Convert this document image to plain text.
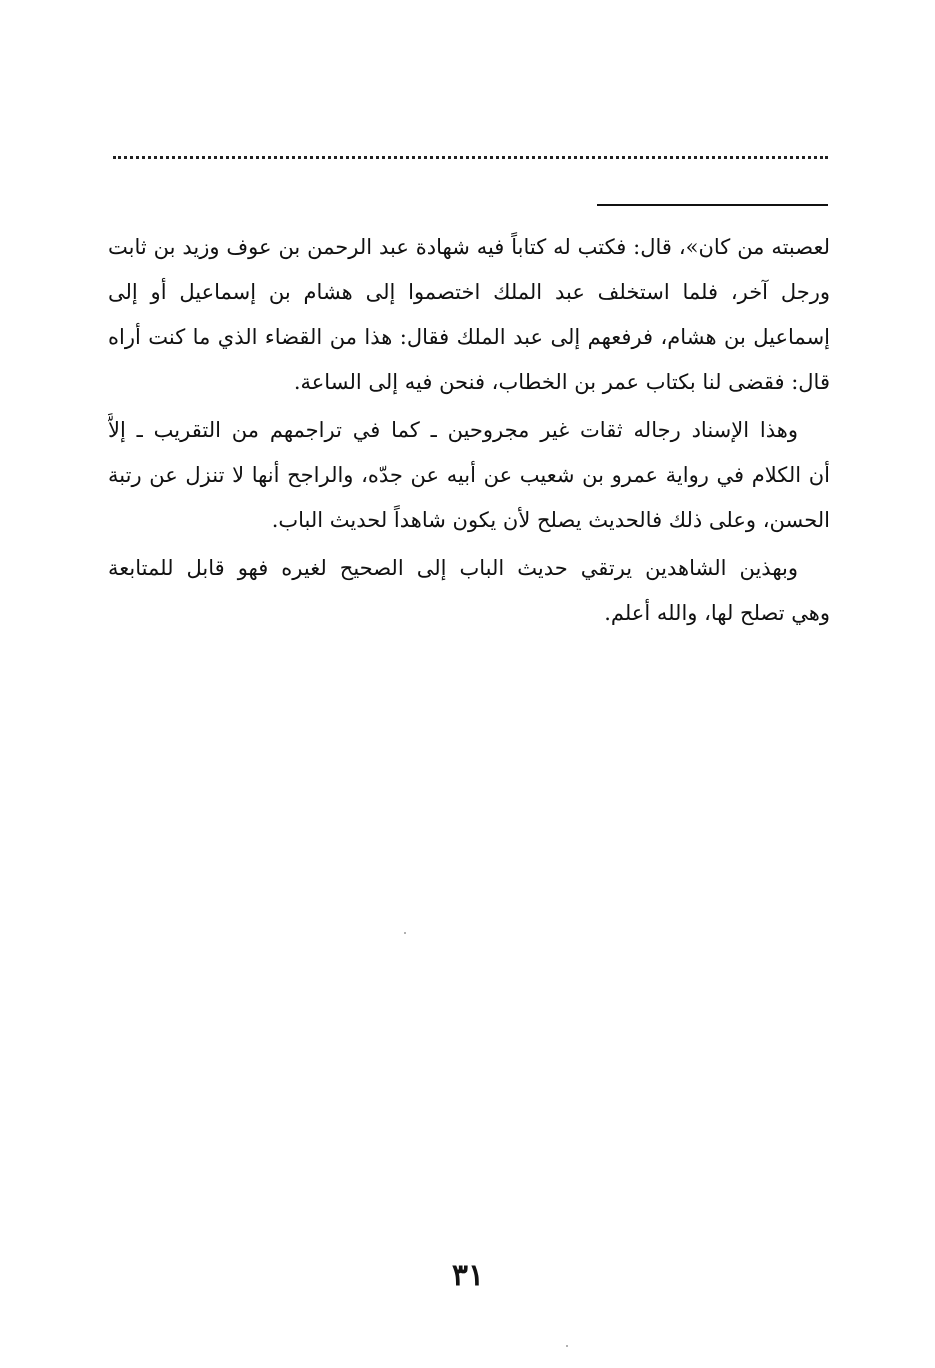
لعصبته من كان»، قال: فكتب له كتاباً فيه شهادة عبد الرحمن بن عوف وزيد بن ثابت
ورجل آخر، فلما استخلف عبد الملك اختصموا إلى هشام بن إسماعيل أو إلى
إسماعيل بن هشام، فرفعهم إلى عبد الملك فقال: هذا من القضاء الذي ما كنت أراه
قال: فقضى لنا بكتاب عمر بن الخطاب، فنحن فيه إلى الساعة.
وهذا الإسناد رجاله ثقات غير مجروحين ـ كما في تراجمهم من التقريب ـ إلاَّ
أن الكلام في رواية عمرو بن شعيب عن أبيه عن جدّه، والراجح أنها لا تنزل عن رتبة
الحسن، وعلى ذلك فالحديث يصلح لأن يكون شاهداً لحديث الباب.
وبهذين الشاهدين يرتقي حديث الباب إلى الصحيح لغيره فهو قابل للمتابعة
وهي تصلح لها، والله أعلم.
٣١
